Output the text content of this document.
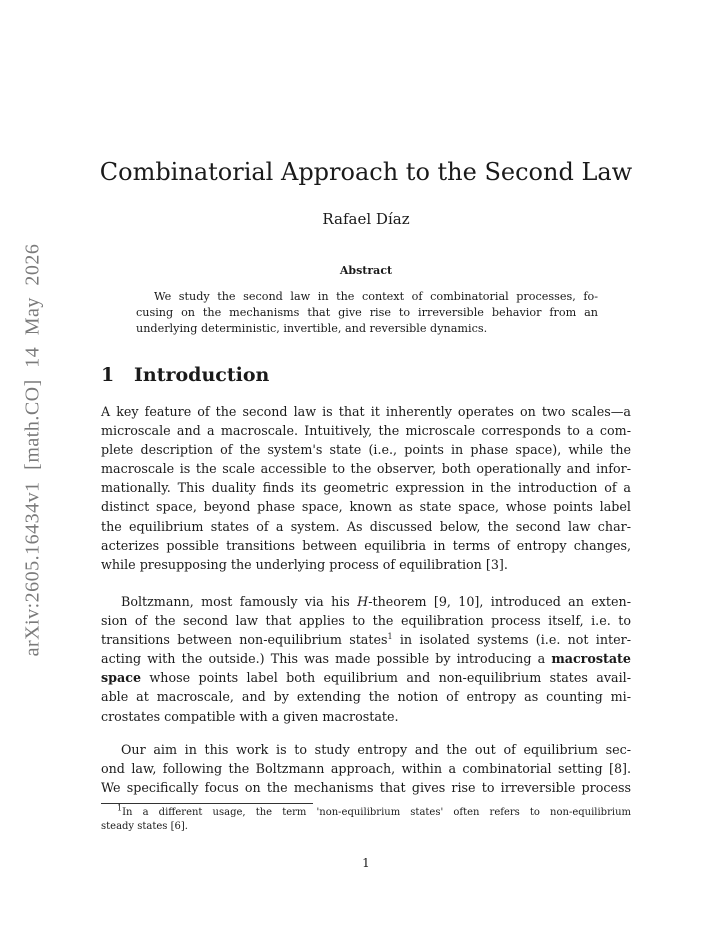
arXiv:2605.16434v1 [math.CO] 14 May 2026
Combinatorial Approach to the Second Law
Rafael Díaz
Abstract
We study the second law in the context of combinatorial processes, fo-
cusing on the mechanisms that give rise to irreversible behavior from an
underlying deterministic, invertible, and reversible dynamics.
1 Introduction
A key feature of the second law is that it inherently operates on two scales—a
microscale and a macroscale. Intuitively, the microscale corresponds to a com-
plete description of the system's state (i.e., points in phase space), while the
macroscale is the scale accessible to the observer, both operationally and infor-
mationally. This duality finds its geometric expression in the introduction of a
distinct space, beyond phase space, known as state space, whose points label
the equilibrium states of a system. As discussed below, the second law char-
acterizes possible transitions between equilibria in terms of entropy changes,
while presupposing the underlying process of equilibration [3].
Boltzmann, most famously via his H-theorem [9, 10], introduced an exten-
sion of the second law that applies to the equilibration process itself, i.e. to
transitions between non-equilibrium states$^1$ in isolated systems (i.e. not inter-
acting with the outside.) This was made possible by introducing a macrostate
space whose points label both equilibrium and non-equilibrium states avail-
able at macroscale, and by extending the notion of entropy as counting mi-
crostates compatible with a given macrostate.
Our aim in this work is to study entropy and the out of equilibrium sec-
ond law, following the Boltzmann approach, within a combinatorial setting [8].
We specifically focus on the mechanisms that gives rise to irreversible process
$^1$In a different usage, the term 'non-equilibrium states' often refers to non-equilibrium
steady states [6].
1
